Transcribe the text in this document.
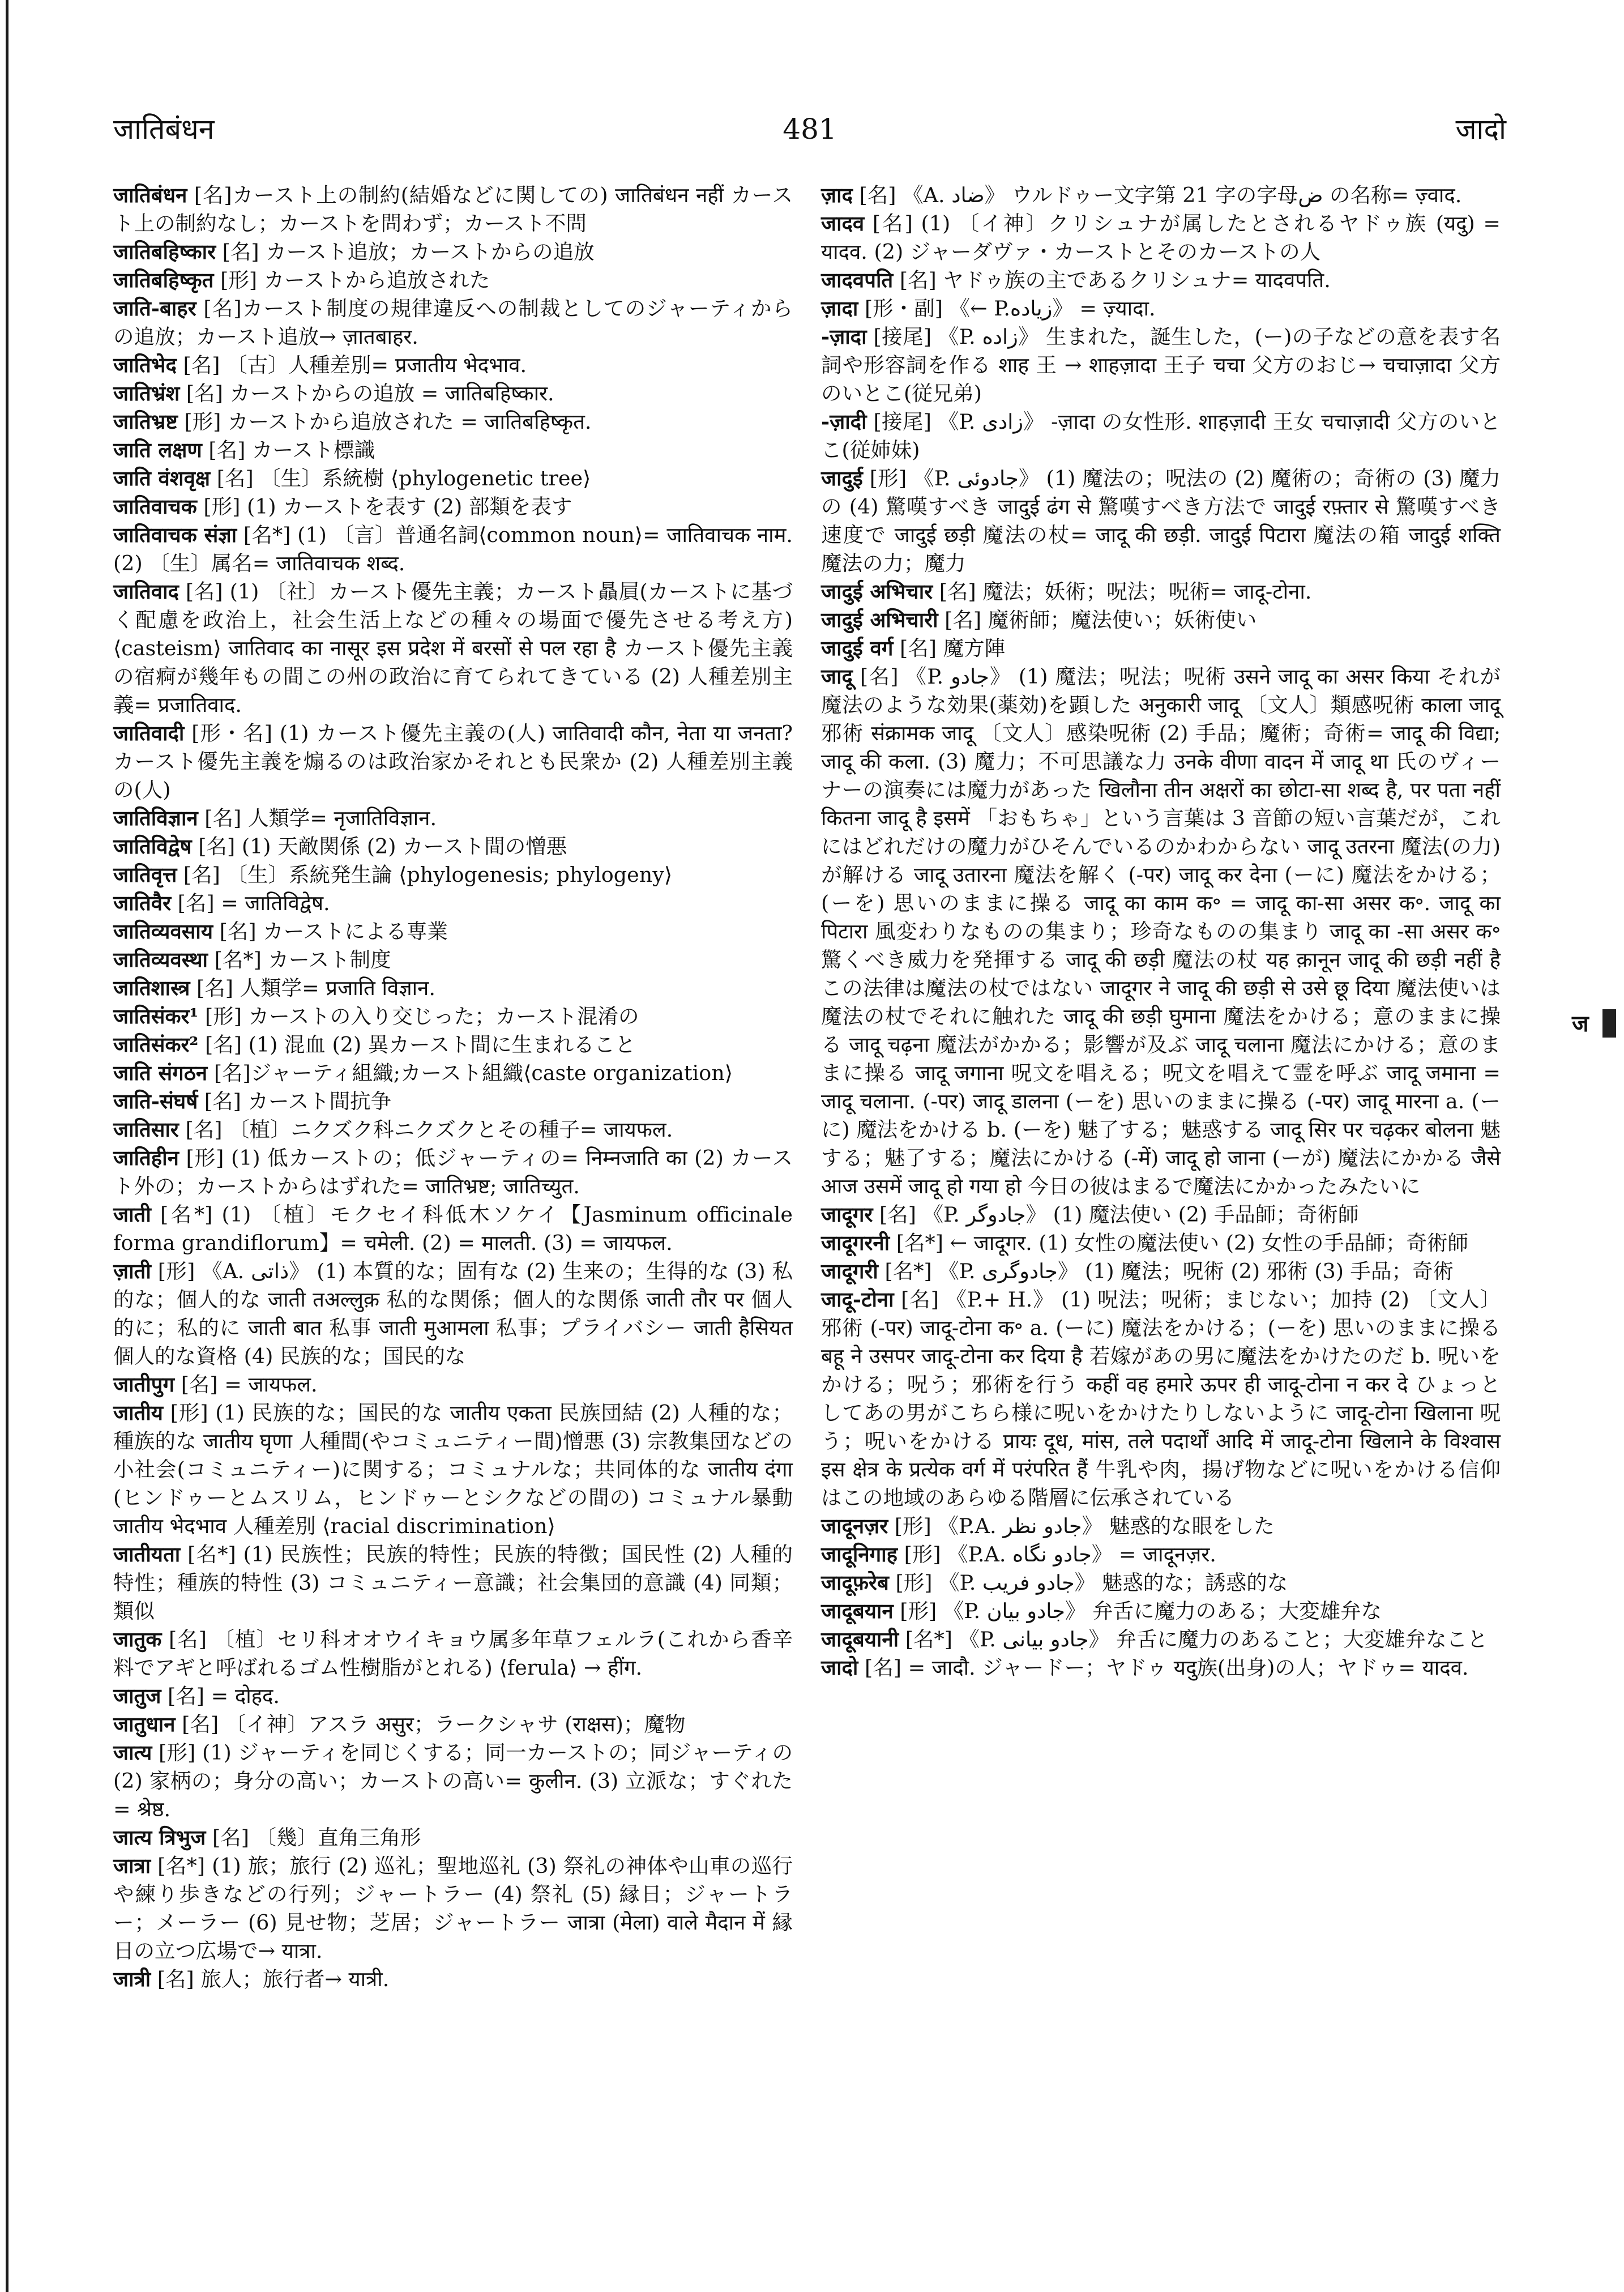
जातिबंधन	481	जादो

जातिबंधन [名]カースト上の制約(結婚などに関しての) जातिबंधन नहीं カースト上の制約なし；カーストを問わず；カースト不問

जातिबहिष्कार [名] カースト追放；カーストからの追放

जातिबहिष्कृत [形] カーストから追放された

जाति-बाहर [名]カースト制度の規律違反への制裁としてのジャーティからの追放；カースト追放→ ज़ातबाहर.

जातिभेद [名] 〔古〕人種差別= प्रजातीय भेदभाव.

जातिभ्रंश [名] カーストからの追放 = जातिबहिष्कार.

जातिभ्रष्ट [形] カーストから追放された = जातिबहिष्कृत.

जाति लक्षण [名] カースト標識

जाति वंशवृक्ष [名] 〔生〕系統樹 ⟨phylogenetic tree⟩

जातिवाचक [形] (1) カーストを表す (2) 部類を表す

जातिवाचक संज्ञा [名*] (1) 〔言〕普通名詞⟨common noun⟩= जातिवाचक नाम. (2) 〔生〕属名= जातिवाचक शब्द.

जातिवाद [名] (1) 〔社〕カースト優先主義；カースト贔屓(カーストに基づく配慮を政治上，社会生活上などの種々の場面で優先させる考え方) ⟨casteism⟩ जातिवाद का नासूर इस प्रदेश में बरसों से पल रहा है カースト優先主義の宿痾が幾年もの間この州の政治に育てられてきている (2) 人種差別主義= प्रजातिवाद.

जातिवादी [形・名] (1) カースト優先主義の(人) जातिवादी कौन, नेता या जनता? カースト優先主義を煽るのは政治家かそれとも民衆か (2) 人種差別主義の(人)

जातिविज्ञान [名] 人類学= नृजातिविज्ञान.

जातिविद्वेष [名] (1) 天敵関係 (2) カースト間の憎悪

जातिवृत्त [名] 〔生〕系統発生論 ⟨phylogenesis; phylogeny⟩

जातिवैर [名] = जातिविद्वेष.

जातिव्यवसाय [名] カーストによる専業

जातिव्यवस्था [名*] カースト制度

जातिशास्त्र [名] 人類学= प्रजाति विज्ञान.

जातिसंकर¹ [形] カーストの入り交じった；カースト混淆の

जातिसंकर² [名] (1) 混血 (2) 異カースト間に生まれること

जाति संगठन [名]ジャーティ組織;カースト組織⟨caste organization⟩

जाति-संघर्ष [名] カースト間抗争

जातिसार [名] 〔植〕ニクズク科ニクズクとその種子= जायफल.

जातिहीन [形] (1) 低カーストの；低ジャーティの= निम्नजाति का (2) カースト外の；カーストからはずれた= जातिभ्रष्ट; जातिच्युत.

जाती [名*] (1) 〔植〕モクセイ科低木ソケイ【Jasminum officinale forma grandiflorum】= चमेली. (2) = मालती. (3) = जायफल.

ज़ाती [形] 《A. ذاتی》 (1) 本質的な；固有な (2) 生来の；生得的な (3) 私的な；個人的な जाती तअल्लुक़ 私的な関係；個人的な関係 जाती तौर पर 個人的に；私的に जाती बात 私事 जाती मुआमला 私事；プライバシー जाती हैसियत 個人的な資格 (4) 民族的な；国民的な

जातीपुग [名] = जायफल.

जातीय [形] (1) 民族的な；国民的な जातीय एकता 民族団結 (2) 人種的な；種族的な जातीय घृणा 人種間(やコミュニティー間)憎悪 (3) 宗教集団などの小社会(コミュニティー)に関する；コミュナルな；共同体的な जातीय दंगा (ヒンドゥーとムスリム，ヒンドゥーとシクなどの間の) コミュナル暴動 जातीय भेदभाव 人種差別 ⟨racial discrimination⟩

जातीयता [名*] (1) 民族性；民族的特性；民族的特徴；国民性 (2) 人種的特性；種族的特性 (3) コミュニティー意識；社会集団的意識 (4) 同類；類似

जातुक [名] 〔植〕セリ科オオウイキョウ属多年草フェルラ(これから香辛料でアギと呼ばれるゴム性樹脂がとれる) ⟨ferula⟩ → हींग.

जातुज [名] = दोहद.

जातुधान [名] 〔イ神〕アスラ असुर；ラークシャサ (राक्षस)；魔物

जात्य [形] (1) ジャーティを同じくする；同一カーストの；同ジャーティの (2) 家柄の；身分の高い；カーストの高い= कुलीन. (3) 立派な；すぐれた= श्रेष्ठ.

जात्य त्रिभुज [名] 〔幾〕直角三角形

जात्रा [名*] (1) 旅；旅行 (2) 巡礼；聖地巡礼 (3) 祭礼の神体や山車の巡行や練り歩きなどの行列；ジャートラー (4) 祭礼 (5) 縁日；ジャートラー；メーラー (6) 見せ物；芝居；ジャートラー जात्रा (मेला) वाले मैदान में 縁日の立つ広場で→ यात्रा.

जात्री [名] 旅人；旅行者→ यात्री.

ज़ाद [名] 《A. ضاد》 ウルドゥー文字第 21 字の字母ض の名称= ज़्वाद.

जादव [名] (1) 〔イ神〕クリシュナが属したとされるヤドゥ族 (यदु) = यादव. (2) ジャーダヴァ・カーストとそのカーストの人

जादवपति [名] ヤドゥ族の主であるクリシュナ= यादवपति.

ज़ादा [形・副] 《← P.زیاده》 = ज़्यादा.

-ज़ादा [接尾] 《P. زاده》 生まれた，誕生した，(ー)の子などの意を表す名詞や形容詞を作る शाह 王 → शाहज़ादा 王子 चचा 父方のおじ→ चचाज़ादा 父方のいとこ(従兄弟)

-ज़ादी [接尾] 《P. زادی》 -ज़ादा の女性形. शाहज़ादी 王女 चचाज़ादी 父方のいとこ(従姉妹)

जादुई [形] 《P. جادوئی》 (1) 魔法の；呪法の (2) 魔術の；奇術の (3) 魔力の (4) 驚嘆すべき जादुई ढंग से 驚嘆すべき方法で जादुई रफ़्तार से 驚嘆すべき速度で जादुई छड़ी 魔法の杖= जादू की छड़ी. जादुई पिटारा 魔法の箱 जादुई शक्ति 魔法の力；魔力

जादुई अभिचार [名] 魔法；妖術；呪法；呪術= जादू-टोना.

जादुई अभिचारी [名] 魔術師；魔法使い；妖術使い

जादुई वर्ग [名] 魔方陣

जादू [名] 《P. جادو》 (1) 魔法；呪法；呪術 उसने जादू का असर किया それが魔法のような効果(薬効)を顕した अनुकारी जादू 〔文人〕類感呪術 काला जादू 邪術 संक्रामक जादू 〔文人〕感染呪術 (2) 手品；魔術；奇術= जादू की विद्या; जादू की कला. (3) 魔力；不可思議な力 उनके वीणा वादन में जादू था 氏のヴィーナーの演奏には魔力があった खिलौना तीन अक्षरों का छोटा-सा शब्द है, पर पता नहीं कितना जादू है इसमें 「おもちゃ」という言葉は 3 音節の短い言葉だが，これにはどれだけの魔力がひそんでいるのかわからない जादू उतरना 魔法(の力)が解ける जादू उतारना 魔法を解く (-पर) जादू कर देना (ーに) 魔法をかける；(ーを) 思いのままに操る जादू का काम क॰ = जादू का-सा असर क॰. जादू का पिटारा 風変わりなものの集まり；珍奇なものの集まり जादू का -सा असर क॰ 驚くべき威力を発揮する जादू की छड़ी 魔法の杖 यह क़ानून जादू की छड़ी नहीं है この法律は魔法の杖ではない जादूगर ने जादू की छड़ी से उसे छू दिया 魔法使いは魔法の杖でそれに触れた जादू की छड़ी घुमाना 魔法をかける；意のままに操る जादू चढ़ना 魔法がかかる；影響が及ぶ जादू चलाना 魔法にかける；意のままに操る जादू जगाना 呪文を唱える；呪文を唱えて霊を呼ぶ जादू जमाना = जादू चलाना. (-पर) जादू डालना (ーを) 思いのままに操る (-पर) जादू मारना a. (ーに) 魔法をかける b. (ーを) 魅了する；魅惑する जादू सिर पर चढ़कर बोलना 魅する；魅了する；魔法にかける (-में) जादू हो जाना (ーが) 魔法にかかる जैसे आज उसमें जादू हो गया हो 今日の彼はまるで魔法にかかったみたいに

जादूगर [名] 《P. جادوگر》 (1) 魔法使い (2) 手品師；奇術師

जादूगरनी [名*] ← जादूगर. (1) 女性の魔法使い (2) 女性の手品師；奇術師

जादूगरी [名*] 《P. جادوگری》 (1) 魔法；呪術 (2) 邪術 (3) 手品；奇術

जादू-टोना [名] 《P.+ H.》 (1) 呪法；呪術；まじない；加持 (2) 〔文人〕邪術 (-पर) जादू-टोना क॰ a. (ーに) 魔法をかける；(ーを) 思いのままに操る बहू ने उसपर जादू-टोना कर दिया है 若嫁があの男に魔法をかけたのだ b. 呪いをかける；呪う；邪術を行う कहीं वह हमारे ऊपर ही जादू-टोना न कर दे ひょっとしてあの男がこちら様に呪いをかけたりしないように जादू-टोना खिलाना 呪う；呪いをかける प्रायः दूध, मांस, तले पदार्थों आदि में जादू-टोना खिलाने के विश्वास इस क्षेत्र के प्रत्येक वर्ग में परंपरित हैं 牛乳や肉，揚げ物などに呪いをかける信仰はこの地域のあらゆる階層に伝承されている

जादूनज़र [形] 《P.A. جادو نظر》 魅惑的な眼をした

जादूनिगाह [形] 《P.A. جادو نگاه》 = जादूनज़र.

जादूफ़रेब [形] 《P. جادو فریب》 魅惑的な；誘惑的な

जादूबयान [形] 《P. جادو بیان》 弁舌に魔力のある；大変雄弁な

जादूबयानी [名*] 《P. جادو بیانی》 弁舌に魔力のあること；大変雄弁なこと

जादो [名] = जादौ. ジャードー；ヤドゥ यदु族(出身)の人；ヤドゥ= यादव.

ज
